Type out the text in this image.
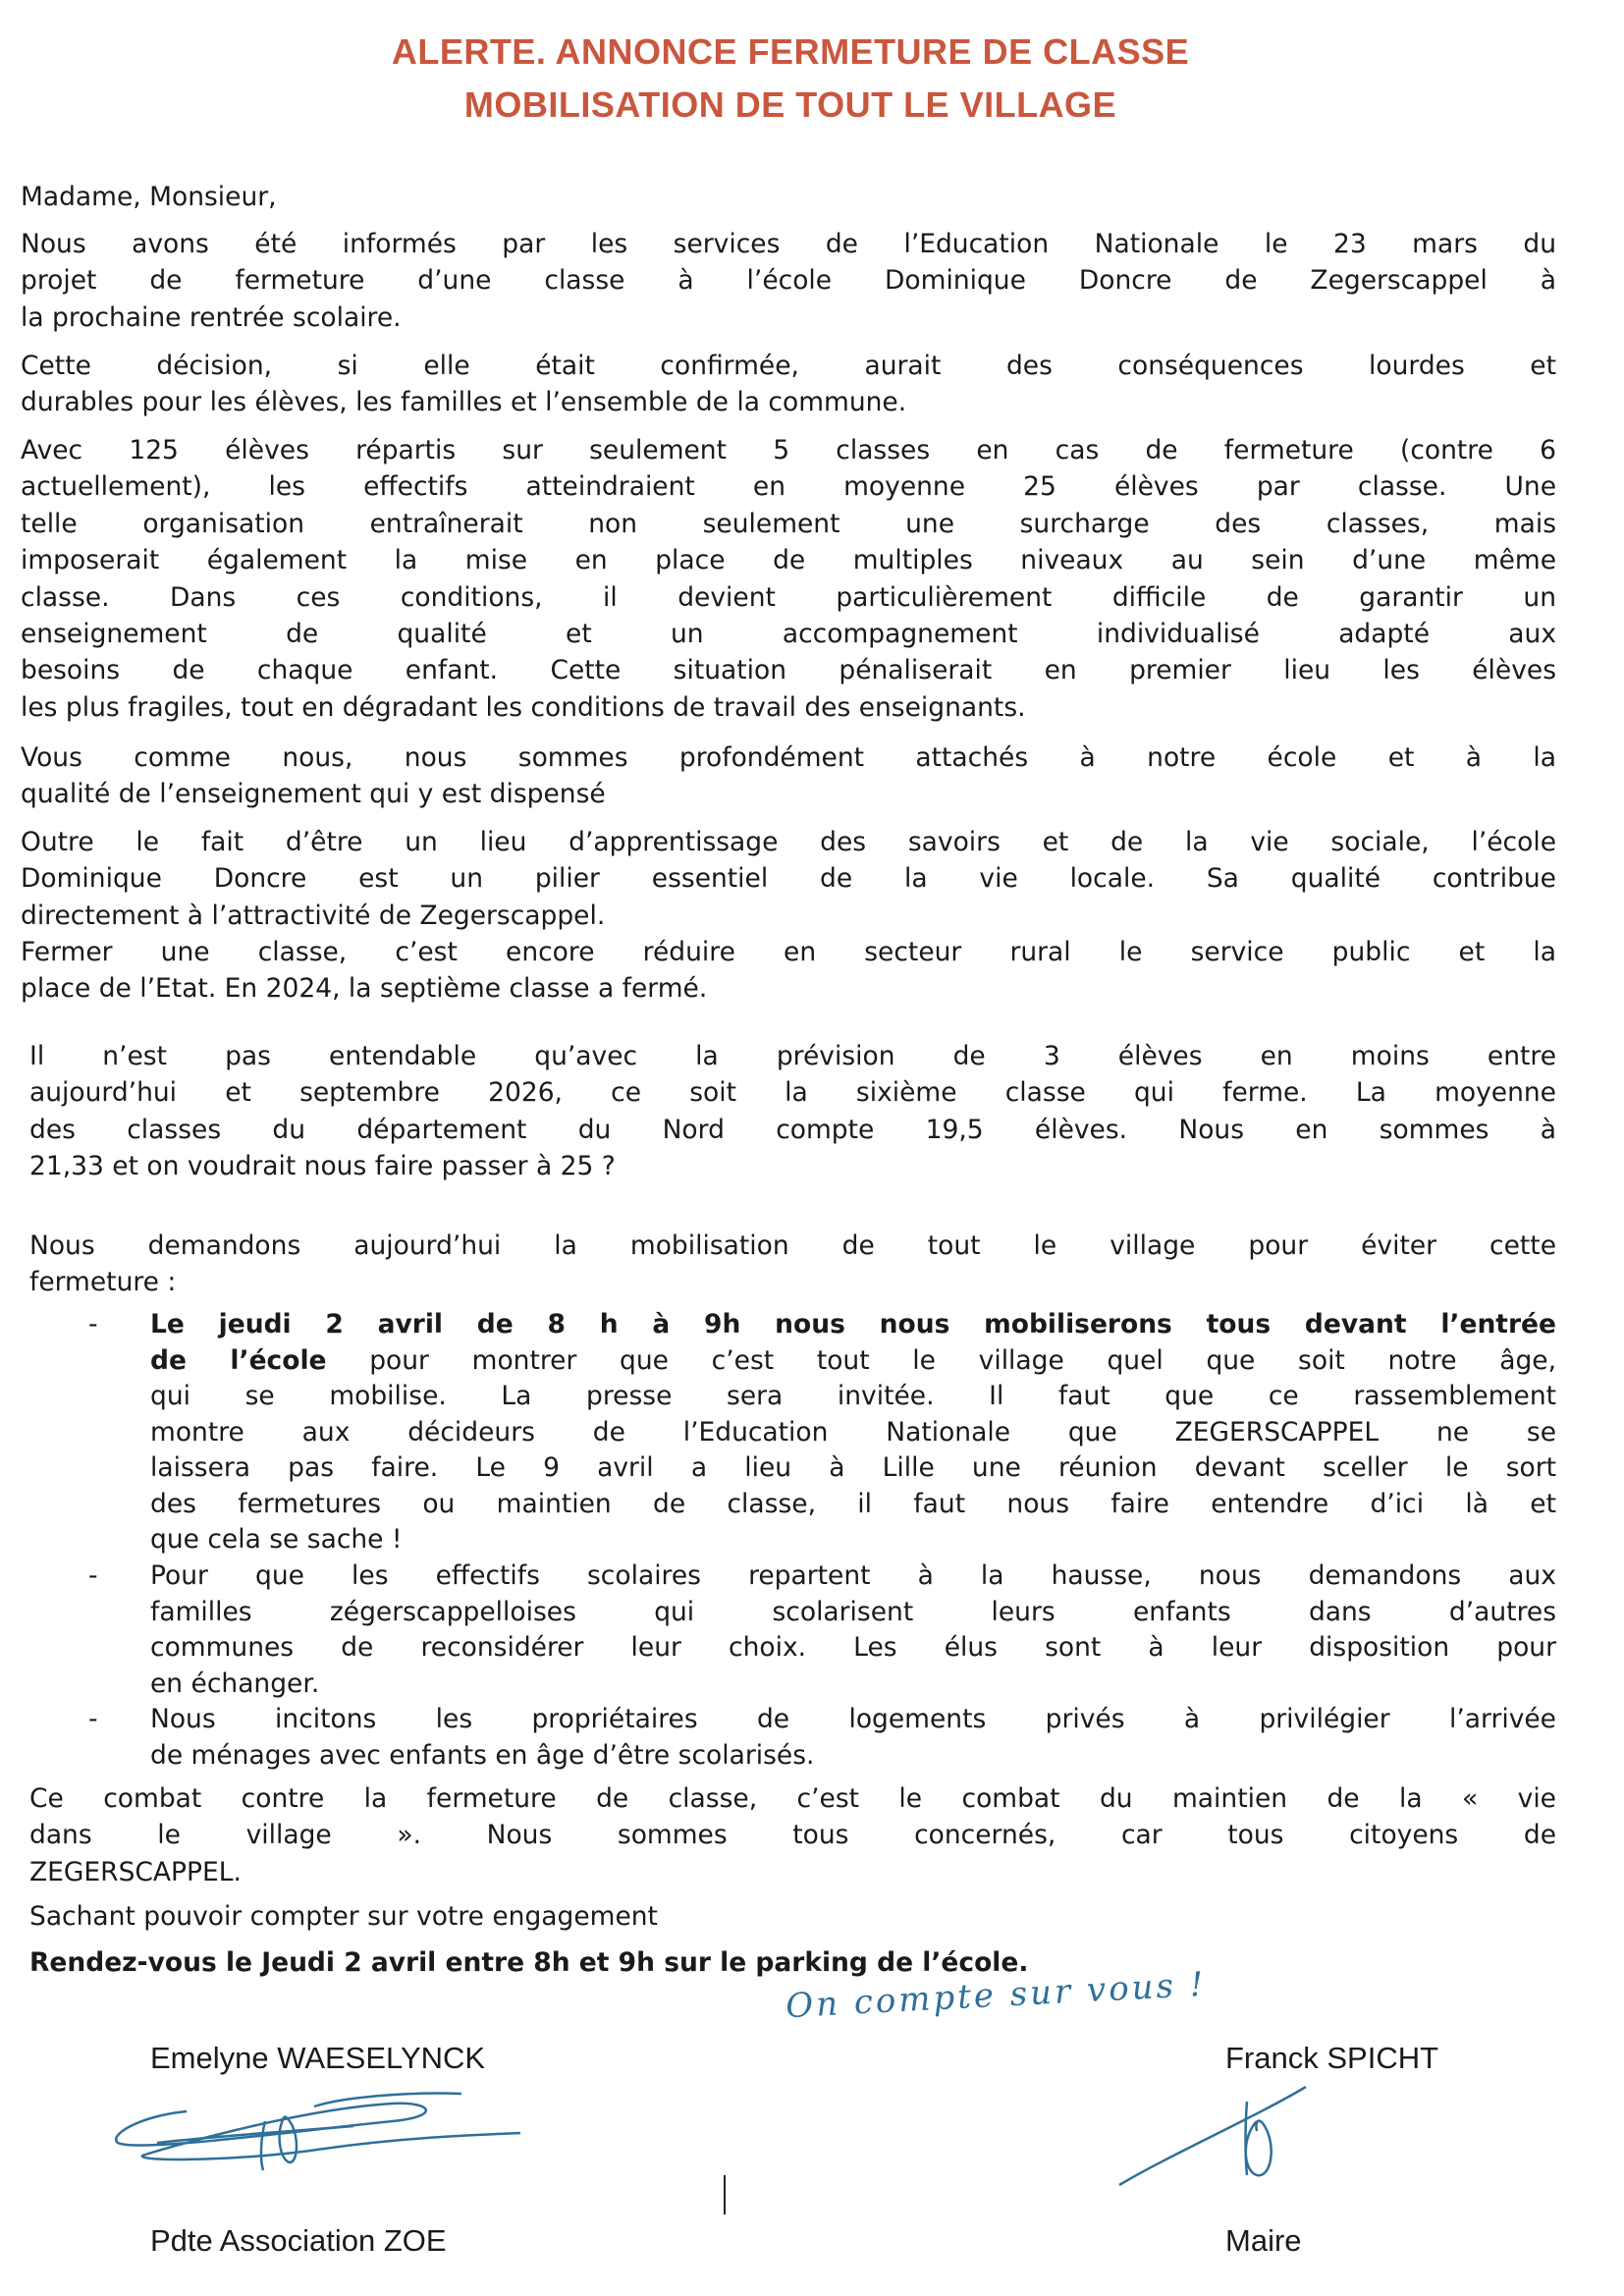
ALERTE. ANNONCE FERMETURE DE CLASSE
MOBILISATION DE TOUT LE VILLAGE
Madame, Monsieur,
Nous avons été informés par les services de l’Education Nationale le 23 mars du
projet de fermeture d’une classe à l’école Dominique Doncre de Zegerscappel à
la prochaine rentrée scolaire.
Cette décision, si elle était confirmée, aurait des conséquences lourdes et
durables pour les élèves, les familles et l’ensemble de la commune.
Avec 125 élèves répartis sur seulement 5 classes en cas de fermeture (contre 6
actuellement), les effectifs atteindraient en moyenne 25 élèves par classe. Une
telle organisation entraînerait non seulement une surcharge des classes, mais
imposerait également la mise en place de multiples niveaux au sein d’une même
classe. Dans ces conditions, il devient particulièrement difficile de garantir un
enseignement de qualité et un accompagnement individualisé adapté aux
besoins de chaque enfant. Cette situation pénaliserait en premier lieu les élèves
les plus fragiles, tout en dégradant les conditions de travail des enseignants.
Vous comme nous, nous sommes profondément attachés à notre école et à la
qualité de l’enseignement qui y est dispensé
Outre le fait d’être un lieu d’apprentissage des savoirs et de la vie sociale, l’école
Dominique Doncre est un pilier essentiel de la vie locale. Sa qualité contribue
directement à l’attractivité de Zegerscappel.
Fermer une classe, c’est encore réduire en secteur rural le service public et la
place de l’Etat. En 2024, la septième classe a fermé.
Il n’est pas entendable qu’avec la prévision de 3 élèves en moins entre
aujourd’hui et septembre 2026, ce soit la sixième classe qui ferme. La moyenne
des classes du département du Nord compte 19,5 élèves. Nous en sommes à
21,33 et on voudrait nous faire passer à 25 ?
Nous demandons aujourd’hui la mobilisation de tout le village pour éviter cette
fermeture :
- Le jeudi 2 avril de 8 h à 9h nous nous mobiliserons tous devant l’entrée
de l’école pour montrer que c’est tout le village quel que soit notre âge,
qui se mobilise. La presse sera invitée. Il faut que ce rassemblement
montre aux décideurs de l’Education Nationale que ZEGERSCAPPEL ne se
laissera pas faire. Le 9 avril a lieu à Lille une réunion devant sceller le sort
des fermetures ou maintien de classe, il faut nous faire entendre d’ici là et
que cela se sache !
- Pour que les effectifs scolaires repartent à la hausse, nous demandons aux
familles zégerscappelloises qui scolarisent leurs enfants dans d’autres
communes de reconsidérer leur choix. Les élus sont à leur disposition pour
en échanger.
- Nous incitons les propriétaires de logements privés à privilégier l’arrivée
de ménages avec enfants en âge d’être scolarisés.
Ce combat contre la fermeture de classe, c’est le combat du maintien de la « vie
dans le village ». Nous sommes tous concernés, car tous citoyens de
ZEGERSCAPPEL.
Sachant pouvoir compter sur votre engagement
Rendez-vous le Jeudi 2 avril entre 8h et 9h sur le parking de l’école.
On compte sur vous !
Emelyne WAESELYNCK	Franck SPICHT
Pdte Association ZOE	Maire
